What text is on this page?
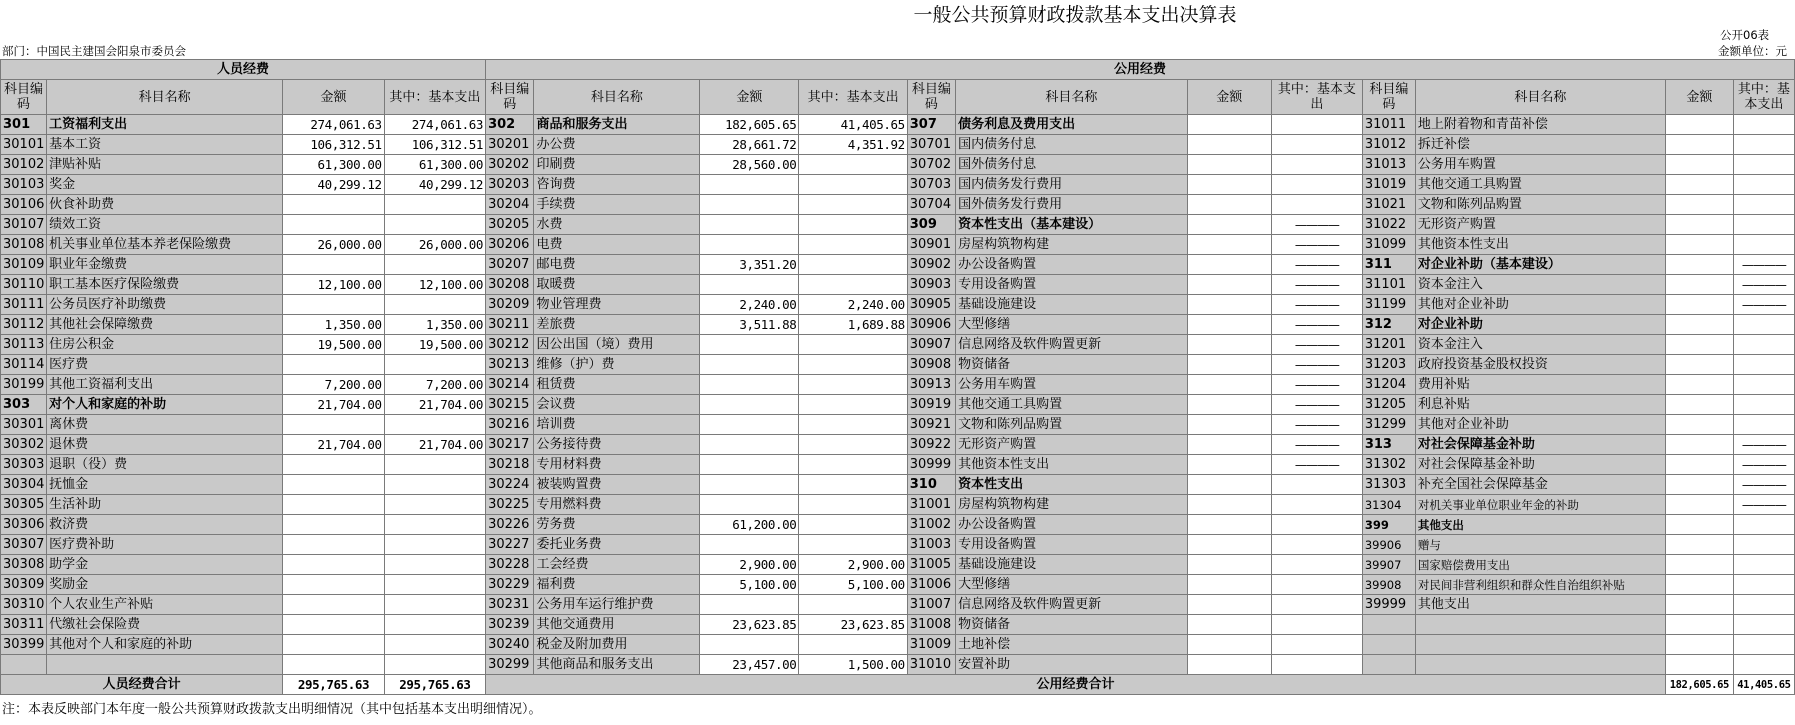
一般公共预算财政拨款基本支出决算表
公开06表
部门：中国民主建国会阳泉市委员会	金额单位：元
人员经费				公用经费											
科目编码	科目名称	金额	其中：基本支出	科目编码	科目名称	金额	其中：基本支出	科目编码	科目名称	金额	其中：基本支出	科目编码	科目名称	金额	其中：基本支出
301	工资福利支出	274,061.63	274,061.63	302	商品和服务支出	182,605.65	41,405.65	307	债务利息及费用支出			31011	地上附着物和青苗补偿		
30101	基本工资	106,312.51	106,312.51	30201	办公费	28,661.72	4,351.92	30701	国内债务付息			31012	拆迁补偿		
30102	津贴补贴	61,300.00	61,300.00	30202	印刷费	28,560.00		30702	国外债务付息			31013	公务用车购置		
30103	奖金	40,299.12	40,299.12	30203	咨询费			30703	国内债务发行费用			31019	其他交通工具购置		
30106	伙食补助费			30204	手续费			30704	国外债务发行费用			31021	文物和陈列品购置		
30107	绩效工资			30205	水费			309	资本性支出（基本建设）		————	31022	无形资产购置		
30108	机关事业单位基本养老保险缴费	26,000.00	26,000.00	30206	电费			30901	房屋构筑物构建		————	31099	其他资本性支出		
30109	职业年金缴费			30207	邮电费	3,351.20		30902	办公设备购置		————	311	对企业补助（基本建设）		————
30110	职工基本医疗保险缴费	12,100.00	12,100.00	30208	取暖费			30903	专用设备购置		————	31101	资本金注入		————
30111	公务员医疗补助缴费			30209	物业管理费	2,240.00	2,240.00	30905	基础设施建设		————	31199	其他对企业补助		————
30112	其他社会保障缴费	1,350.00	1,350.00	30211	差旅费	3,511.88	1,689.88	30906	大型修缮		————	312	对企业补助		
30113	住房公积金	19,500.00	19,500.00	30212	因公出国（境）费用			30907	信息网络及软件购置更新		————	31201	资本金注入		
30114	医疗费			30213	维修（护）费			30908	物资储备		————	31203	政府投资基金股权投资		
30199	其他工资福利支出	7,200.00	7,200.00	30214	租赁费			30913	公务用车购置		————	31204	费用补贴		
303	对个人和家庭的补助	21,704.00	21,704.00	30215	会议费			30919	其他交通工具购置		————	31205	利息补贴		
30301	离休费			30216	培训费			30921	文物和陈列品购置		————	31299	其他对企业补助		
30302	退休费	21,704.00	21,704.00	30217	公务接待费			30922	无形资产购置		————	313	对社会保障基金补助		————
30303	退职（役）费			30218	专用材料费			30999	其他资本性支出		————	31302	对社会保障基金补助		————
30304	抚恤金			30224	被装购置费			310	资本性支出			31303	补充全国社会保障基金		————
30305	生活补助			30225	专用燃料费			31001	房屋构筑物构建			31304	对机关事业单位职业年金的补助		————
30306	救济费			30226	劳务费	61,200.00		31002	办公设备购置			399	其他支出		
30307	医疗费补助			30227	委托业务费			31003	专用设备购置			39906	赠与		
30308	助学金			30228	工会经费	2,900.00	2,900.00	31005	基础设施建设			39907	国家赔偿费用支出		
30309	奖励金			30229	福利费	5,100.00	5,100.00	31006	大型修缮			39908	对民间非营利组织和群众性自治组织补贴		
30310	个人农业生产补贴			30231	公务用车运行维护费			31007	信息网络及软件购置更新			39999	其他支出		
30311	代缴社会保险费			30239	其他交通费用	23,623.85	23,623.85	31008	物资储备						
30399	其他对个人和家庭的补助			30240	税金及附加费用			31009	土地补偿						
				30299	其他商品和服务支出	23,457.00	1,500.00	31010	安置补助						
人员经费合计		295,765.63	295,765.63	公用经费合计										182,605.65	41,405.65
注：本表反映部门本年度一般公共预算财政拨款支出明细情况（其中包括基本支出明细情况）。
